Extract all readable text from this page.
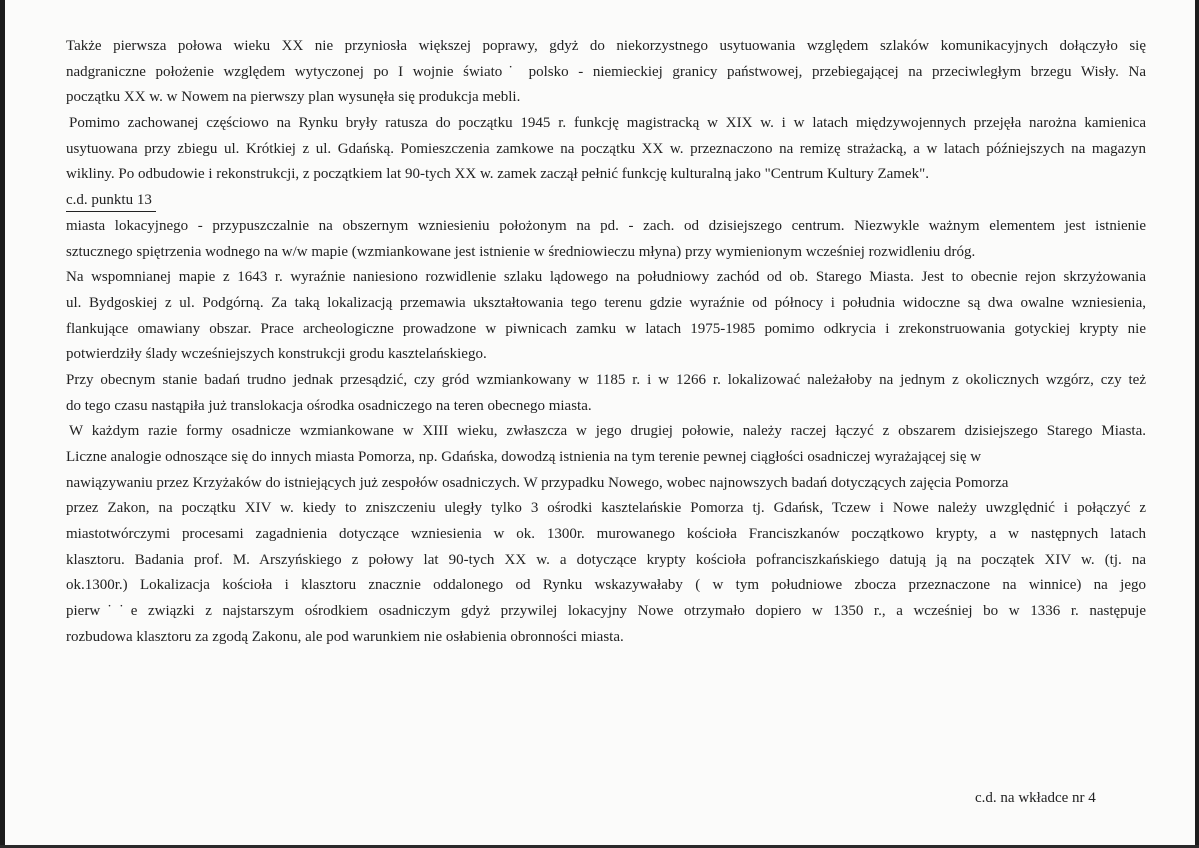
Także pierwsza połowa wieku XX nie przyniosła większej poprawy, gdyż do niekorzystnego usytuowania względem szlaków komunikacyjnych dołączyło się

nadgraniczne położenie względem wytyczonej po I wojnie świato˙ polsko - niemieckiej granicy państwowej, przebiegającej na przeciwległym brzegu Wisły. Na

początku XX w. w Nowem na pierwszy plan wysunęła się produkcja mebli.

Pomimo zachowanej częściowo na Rynku bryły ratusza do początku 1945 r. funkcję magistracką w XIX w. i w latach międzywojennych przejęła narożna kamienica

usytuowana przy zbiegu ul. Krótkiej z ul. Gdańską. Pomieszczenia zamkowe na początku XX w. przeznaczono na remizę strażacką, a w latach późniejszych na magazyn

wikliny. Po odbudowie i rekonstrukcji, z początkiem lat 90-tych XX w. zamek zaczął pełnić funkcję kulturalną jako "Centrum Kultury Zamek".

c.d. punktu 13

miasta lokacyjnego - przypuszczalnie na obszernym wzniesieniu położonym na pd. - zach. od dzisiejszego centrum. Niezwykle ważnym elementem jest istnienie

sztucznego spiętrzenia wodnego na w/w mapie (wzmiankowane jest istnienie w średniowieczu młyna) przy wymienionym wcześniej rozwidleniu dróg.

Na wspomnianej mapie z 1643 r. wyraźnie naniesiono rozwidlenie szlaku lądowego na południowy zachód od ob. Starego Miasta. Jest to obecnie rejon skrzyżowania

ul. Bydgoskiej z ul. Podgórną. Za taką lokalizacją przemawia ukształtowania tego terenu gdzie wyraźnie od północy i południa widoczne są dwa owalne wzniesienia,

flankujące omawiany obszar. Prace archeologiczne prowadzone w piwnicach zamku w latach 1975-1985 pomimo odkrycia i zrekonstruowania gotyckiej krypty nie

potwierdziły ślady wcześniejszych konstrukcji grodu kasztelańskiego.

Przy obecnym stanie badań trudno jednak przesądzić, czy gród wzmiankowany w 1185 r. i w 1266 r. lokalizować należałoby na jednym z okolicznych wzgórz, czy też

do tego czasu nastąpiła już translokacja ośrodka osadniczego na teren obecnego miasta.

W każdym razie formy osadnicze wzmiankowane w XIII wieku, zwłaszcza w jego drugiej połowie, należy raczej łączyć z obszarem dzisiejszego Starego Miasta.

Liczne analogie odnoszące się do innych miasta Pomorza, np. Gdańska, dowodzą istnienia na tym terenie pewnej ciągłości osadniczej wyrażającej się w

nawiązywaniu przez Krzyżaków do istniejących już zespołów osadniczych. W przypadku Nowego, wobec najnowszych badań dotyczących zajęcia Pomorza

przez Zakon, na początku XIV w. kiedy to zniszczeniu uległy tylko 3 ośrodki kasztelańskie Pomorza tj. Gdańsk, Tczew i Nowe należy uwzględnić i połączyć z

miastotwórczymi procesami zagadnienia dotyczące wzniesienia w ok. 1300r. murowanego kościoła Franciszkanów początkowo krypty, a w następnych latach

klasztoru. Badania prof. M. Arszyńskiego z połowy lat 90-tych XX w. a dotyczące krypty kościoła pofranciszkańskiego datują ją na początek XIV w. (tj. na

ok.1300r.) Lokalizacja kościoła i klasztoru znacznie oddalonego od Rynku wskazywałaby ( w tym południowe zbocza przeznaczone na winnice) na jego

pierw˙˙e związki z najstarszym ośrodkiem osadniczym gdyż przywilej lokacyjny Nowe otrzymało dopiero w 1350 r., a wcześniej bo w 1336 r. następuje

rozbudowa klasztoru za zgodą Zakonu, ale pod warunkiem nie osłabienia obronności miasta.

c.d. na wkładce nr 4
